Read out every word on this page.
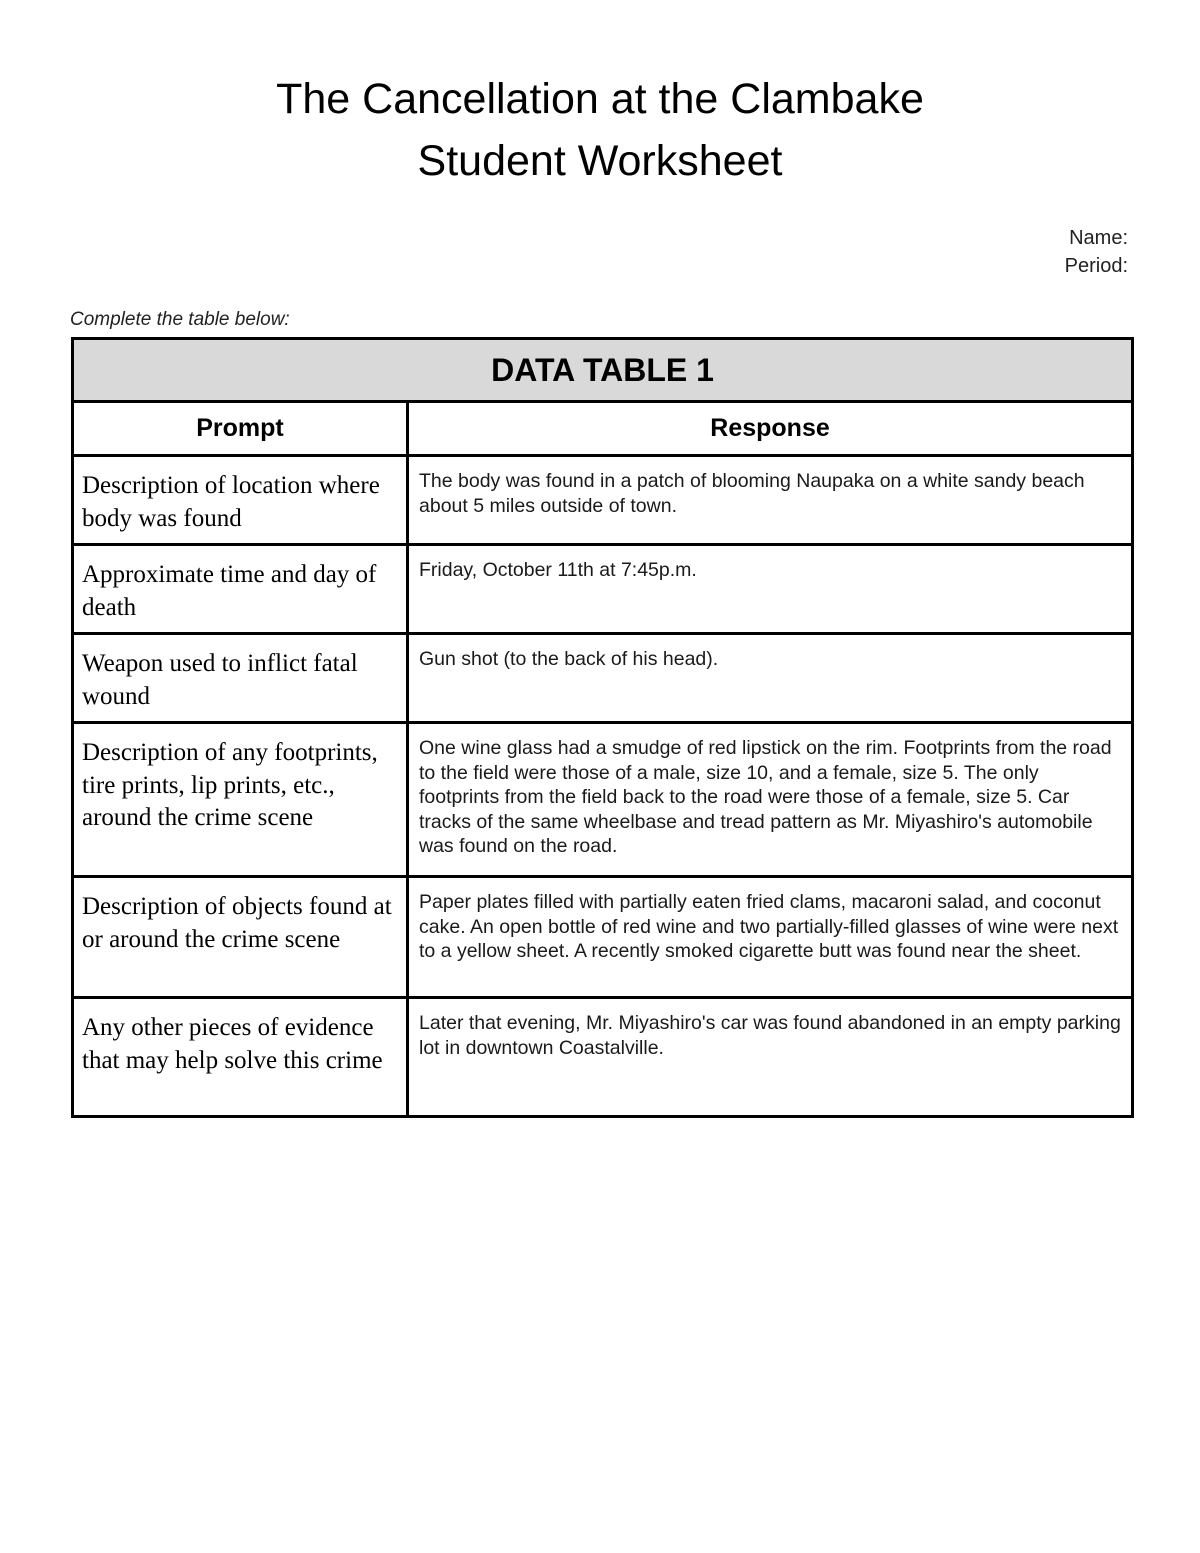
The Cancellation at the Clambake
Student Worksheet
Name:
Period:
Complete the table below:
DATA TABLE 1	
Prompt	Response
Description of location where body was found	The body was found in a patch of blooming Naupaka on a white sandy beach about 5 miles outside of town.
Approximate time and day of death	Friday, October 11th at 7:45p.m.
Weapon used to inflict fatal wound	Gun shot (to the back of his head).
Description of any footprints, tire prints, lip prints, etc., around the crime scene	One wine glass had a smudge of red lipstick on the rim. Footprints from the road to the field were those of a male, size 10, and a female, size 5. The only footprints from the field back to the road were those of a female, size 5. Car tracks of the same wheelbase and tread pattern as Mr. Miyashiro's automobile was found on the road.
Description of objects found at or around the crime scene	Paper plates filled with partially eaten fried clams, macaroni salad, and coconut cake. An open bottle of red wine and two partially-filled glasses of wine were next to a yellow sheet. A recently smoked cigarette butt was found near the sheet.
Any other pieces of evidence that may help solve this crime	Later that evening, Mr. Miyashiro's car was found abandoned in an empty parking lot in downtown Coastalville.
